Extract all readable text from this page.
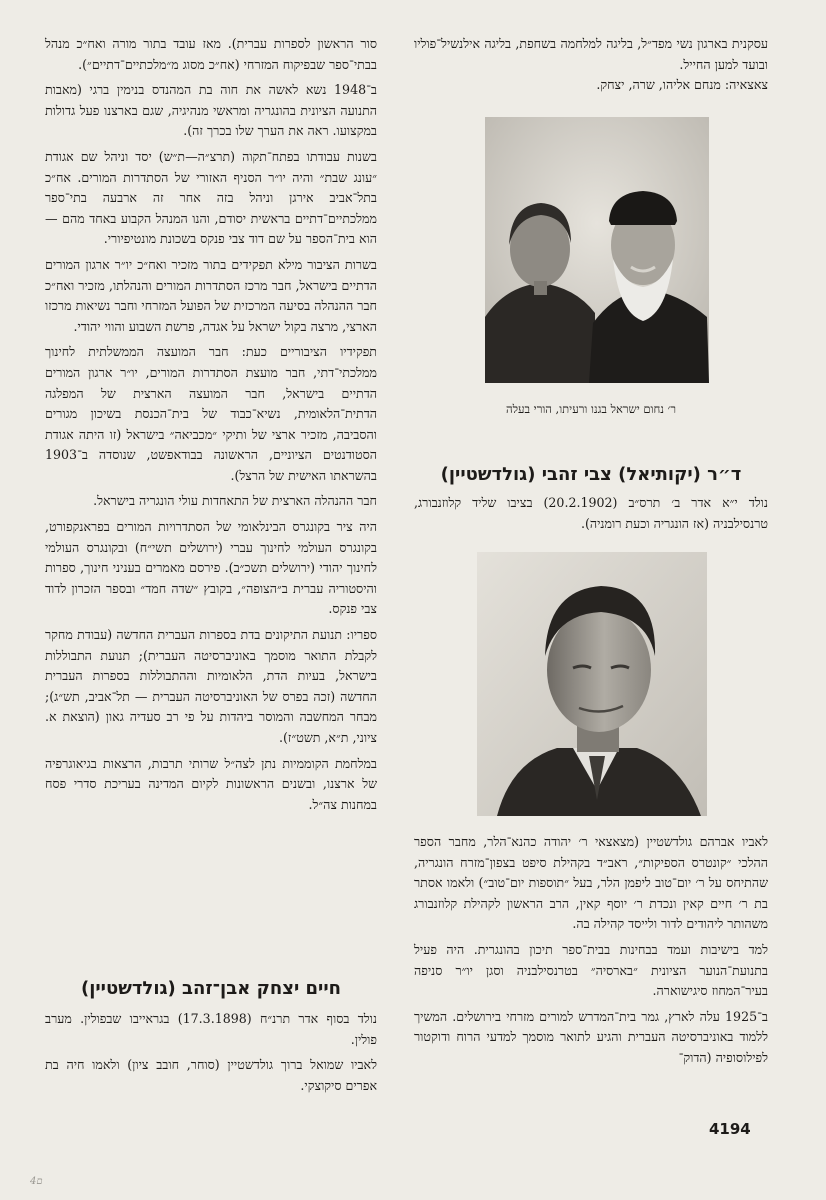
סור הראשון לספרות עברית). מאז עובד בתור מורה ואח״כ מנהל בבתי־ספר שבפיקוח המזרחי (אח״כ מסוג מ״מלכתיים־דתיים״).

ב־1948 נשא לאשה את חוה בת המהנדס בנימין ברגי (מאבות התנועה הציונית בהונגריה ומראשי מנהיגיה, שגם בארצנו פעל גדולות במקצועו. ראה את הערך שלו בכרך זה).

בשנות עבודתו בפתח־תקוה (תרצ״ה—ת״ש) יסד וניהל שם אגודת ״עונג שבת״ והיה יו״ר הסניף האזורי של הסתדרות המורים. אח״כ בתל־אביב אירגן וניהל בזה אחר זה ארבעה בתי־ספר ממלכתיים־דתיים בראשית יסודם, והנו המנהל הקבוע באחד מהם — הוא בית־הספר על שם דוד צבי פנקס בשכונת מונטיפיורי.

בשרות הציבור מילא תפקידים בתור מזכיר ואח״כ יו״ר ארגון המורים הדתיים בישראל, חבר מרכז הסתדרות המורים והנהלתו, מזכיר ואח״כ חבר ההנהלה בסיעה המרכזית של הפועל המזרחי וחבר נשיאות מרכזו הארצי, מרצה בקול ישראל על אגדה, פרשת השבוע והווי יהודי.

תפקידיו הציבוריים כעת: חבר המועצה הממשלתית לחינוך ממלכתי־דתי, חבר מועצת הסתדרות המורים, יו״ר ארגון המורים הדתיים בישראל, חבר המועצה הארצית של המפלגה הדתית־הלאומית, נשיא־כבוד של בית־הכנסת בשיכון מגורים והסביבה, מזכיר ארצי של ותיקי ״מכביאה״ בישראל (זו היתה אגודת הסטודנטים הציוניים, הראשונה בבודאפשט, שנוסדה ב־1903 בהשראתו האישית של הרצל).

חבר ההנהלה הארצית של התאחדות עולי הונגריה בישראל.

היה ציר בקונגרס הבינלאומי של הסתדרויות המורים בפראנקפורט, בקונגרס העולמי לחינוך עברי (ירושלים תשי״ח) ובקונגרס העולמי לחינוך יהודי (ירושלים תשכ״ב). פירסם מאמרים בעניני חינוך, ספרות והיסטוריה עברית ב״הצופה״, בקובץ ״שדה חמד״ ובספר הזכרון לדוד צבי פנקס.

ספריו: תנועת התיקונים בדת בספרות העברית החדשה (עבודת מחקר לקבלת התואר מוסמך באוניברסיטה העברית); תנועת התבוללות בישראל, בעיות הדת, הלאומיות וההתבוללות בספרות העברית החדשה (זכה בפרס של האוניברסיטה העברית — תל־אביב, תש״ג); מבחר המחשבה והמוסר ביהדות על פי רב סעדיה גאון (הוצאת א. ציוני, ת״א, תשט״ז).

במלחמת הקוממיות נתן לצה״ל שרותי תרבות, הרצאות בגיאוגרפיה של ארצנו, ובשנים הראשונות לקיום המדינה בעריכת סדרי פסח במחנות צה״ל.

חיים יצחק אבן־זהב (גולדשטיין)

נולד בסוף אדר תרנ״ח (17.3.1898) בגראייבו שבפולין. מערב פולין.

לאביו שמואל ברוך גולדשטיין (סוחר, חובב ציון) ולאמו חיה בת אפרים סיקוצקי.

עסקנית בארגון נשי מפד״ל, בליגה למלחמה בשחפת, בליגה אילנשיל־פוליו ובועד למען החייל.

צאצאיה: מנחם אליהו, שרה, יצחק.

ר׳ נחום ישראל בגנו ורעיתו, הורי בעלה
ד״ר (יקותיאל) צבי זהבי (גולדשטיין)

נולד י״א אדר ב׳ תרס״ב (20.2.1902) בציבו שליד קלוזנבורג, טרנסילבניה (אז הונגריה וכעת רומניה).

לאביו אברהם גולדשטיין (מצאצאי ר׳ יהודה כהנא־הלר, מחבר הספר ההלכי ״קונטרס הספיקות״, ראב״ד בקהילת סיפט בצפון־מזרח הונגריה, שהתיחס על ר׳ יום־טוב ליפמן הלר, בעל ״תוספות יום־טוב״) ולאמו אסתר בת ר׳ חיים קאין ונכדת ר׳ יוסף קאין, הרב הראשון לקהילת קלוזנבורג משהותר ליהודים לדור ולייסד קהילה בה.

למד בישיבות ועמד בבחינות בבית־ספר תיכון בהונגרית. היה פעיל בתנועת־הנוער הציונית ״בארסיה״ בטרנסילבניה וסגן יו״ר סניפה בעיר־המחוז סיגישוארה.

ב־1925 עלה לארץ, גמר בית־המדרש למורים מזרחי בירושלים. המשיך ללמוד באוניברסיטה העברית והגיע לתואר מוסמך למדעי הרוח ודוקטור לפילוסופיה (הדוק־

4194
4ם
